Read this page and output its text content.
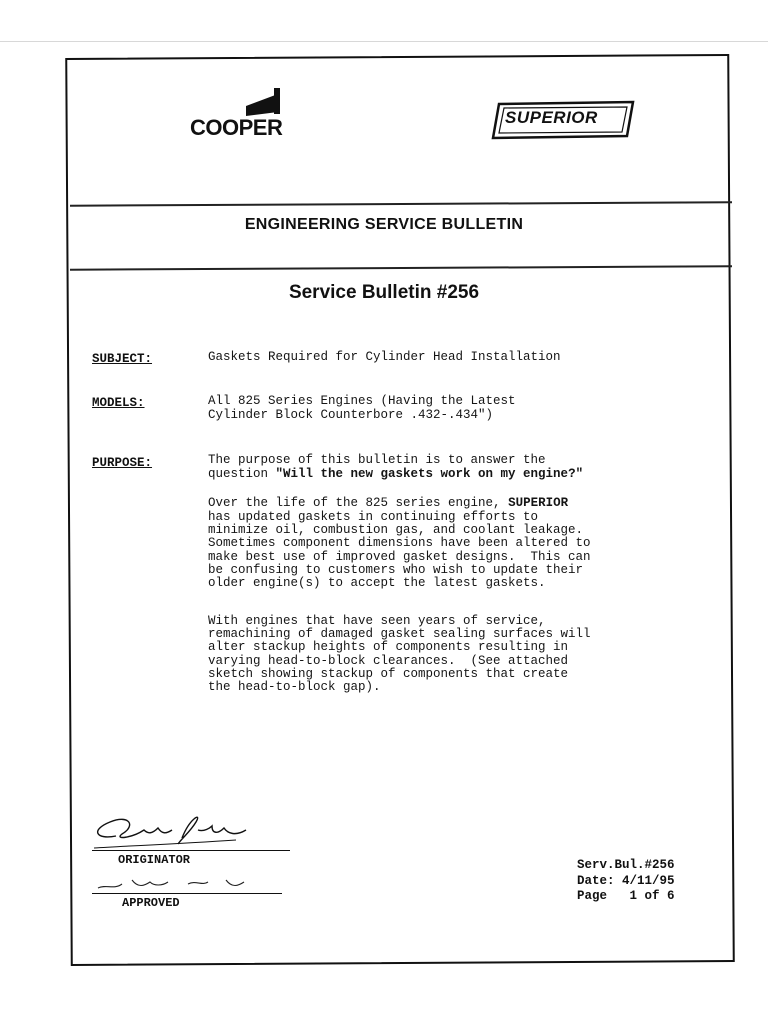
COOPER	SUPERIOR
ENGINEERING SERVICE BULLETIN
Service Bulletin #256
SUBJECT:	Gaskets Required for Cylinder Head Installation
MODELS:	All 825 Series Engines (Having the Latest
Cylinder Block Counterbore .432-.434")
PURPOSE:	The purpose of this bulletin is to answer the
question "Will the new gaskets work on my engine?"
Over the life of the 825 series engine, SUPERIOR
has updated gaskets in continuing efforts to
minimize oil, combustion gas, and coolant leakage.
Sometimes component dimensions have been altered to
make best use of improved gasket designs.  This can
be confusing to customers who wish to update their
older engine(s) to accept the latest gaskets.
With engines that have seen years of service,
remachining of damaged gasket sealing surfaces will
alter stackup heights of components resulting in
varying head-to-block clearances.  (See attached
sketch showing stackup of components that create
the head-to-block gap).
ORIGINATOR
APPROVED
Serv.Bul.#256
Date: 4/11/95
Page   1 of 6
